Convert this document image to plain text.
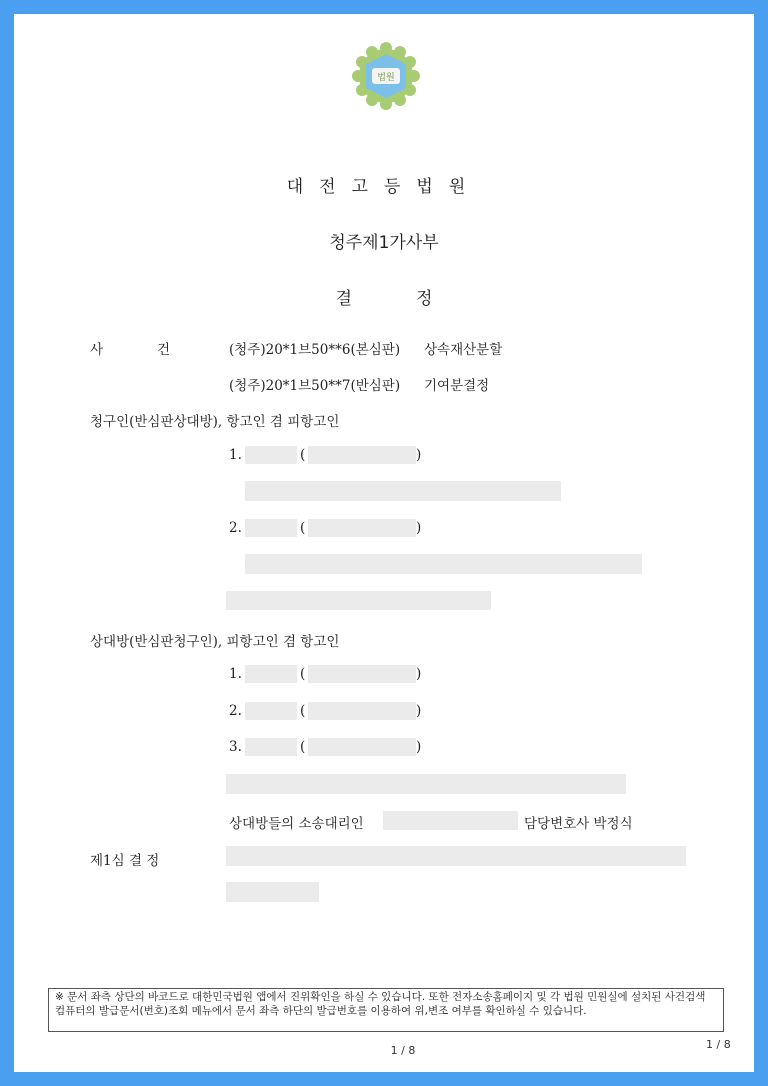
법원
대전고등법원
청주제1가사부
결정
사	건	(청주)20*1브50**6(본심판) 상속재산분할
(청주)20*1브50**7(반심판) 기여분결정
청구인(반심판상대방), 항고인 겸 피항고인
1.	(	)
2.	(	)
상대방(반심판청구인), 피항고인 겸 항고인
1.	(	)
2.	(	)
3.	(	)
상대방들의 소송대리인	담당변호사 박정식
제1심 결 정
※ 문서 좌측 상단의 바코드로 대한민국법원 앱에서 진위확인을 하실 수 있습니다. 또한 전자소송홈페이지 및 각 법원 민원실에 설치된 사건검색 컴퓨터의 발급문서(번호)조회 메뉴에서 문서 좌측 하단의 발급번호를 이용하여 위,변조 여부를 확인하실 수 있습니다.
1 / 8	1 / 8
